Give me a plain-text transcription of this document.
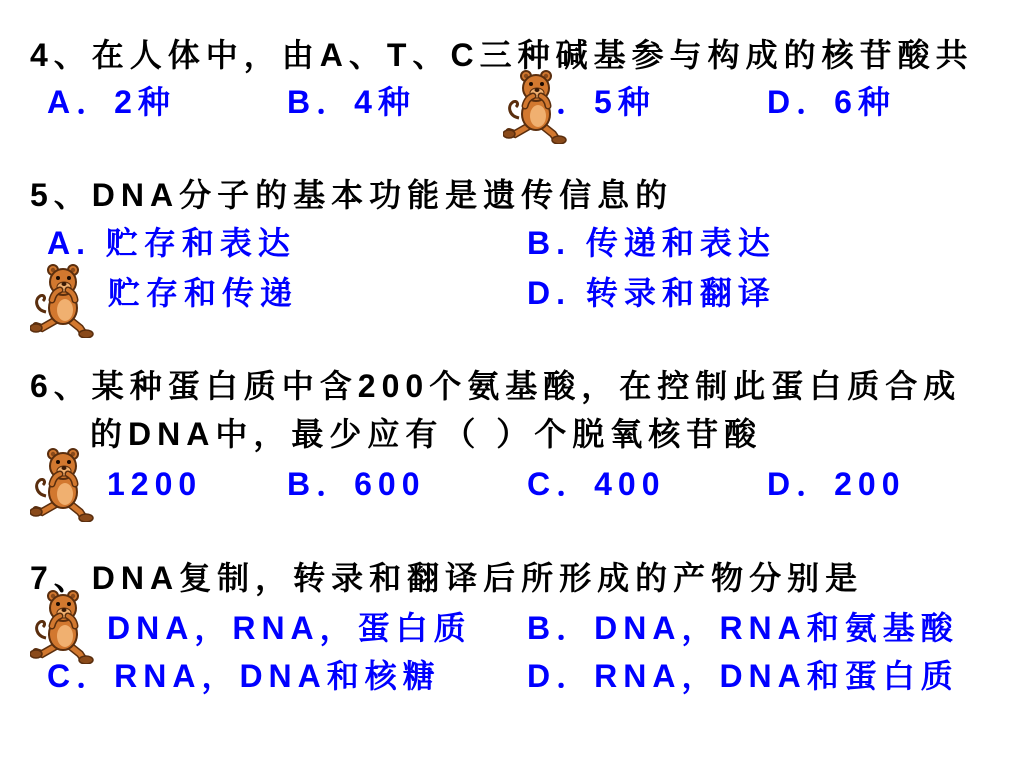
4、在人体中，由A、T、C三种碱基参与构成的核苷酸共
A．2种	B．4种	．5种	D．6种
5、DNA分子的基本功能是遗传信息的
A. 贮存和表达	B. 传递和表达
贮存和传递	D. 转录和翻译
6、某种蛋白质中含200个氨基酸，在控制此蛋白质合成
的DNA中，最少应有（ ）个脱氧核苷酸
1200	B．600	C．400	D．200
7、DNA复制，转录和翻译后所形成的产物分别是
DNA，RNA，蛋白质 B．DNA，RNA和氨基酸
C．RNA，DNA和核糖	D．RNA，DNA和蛋白质
